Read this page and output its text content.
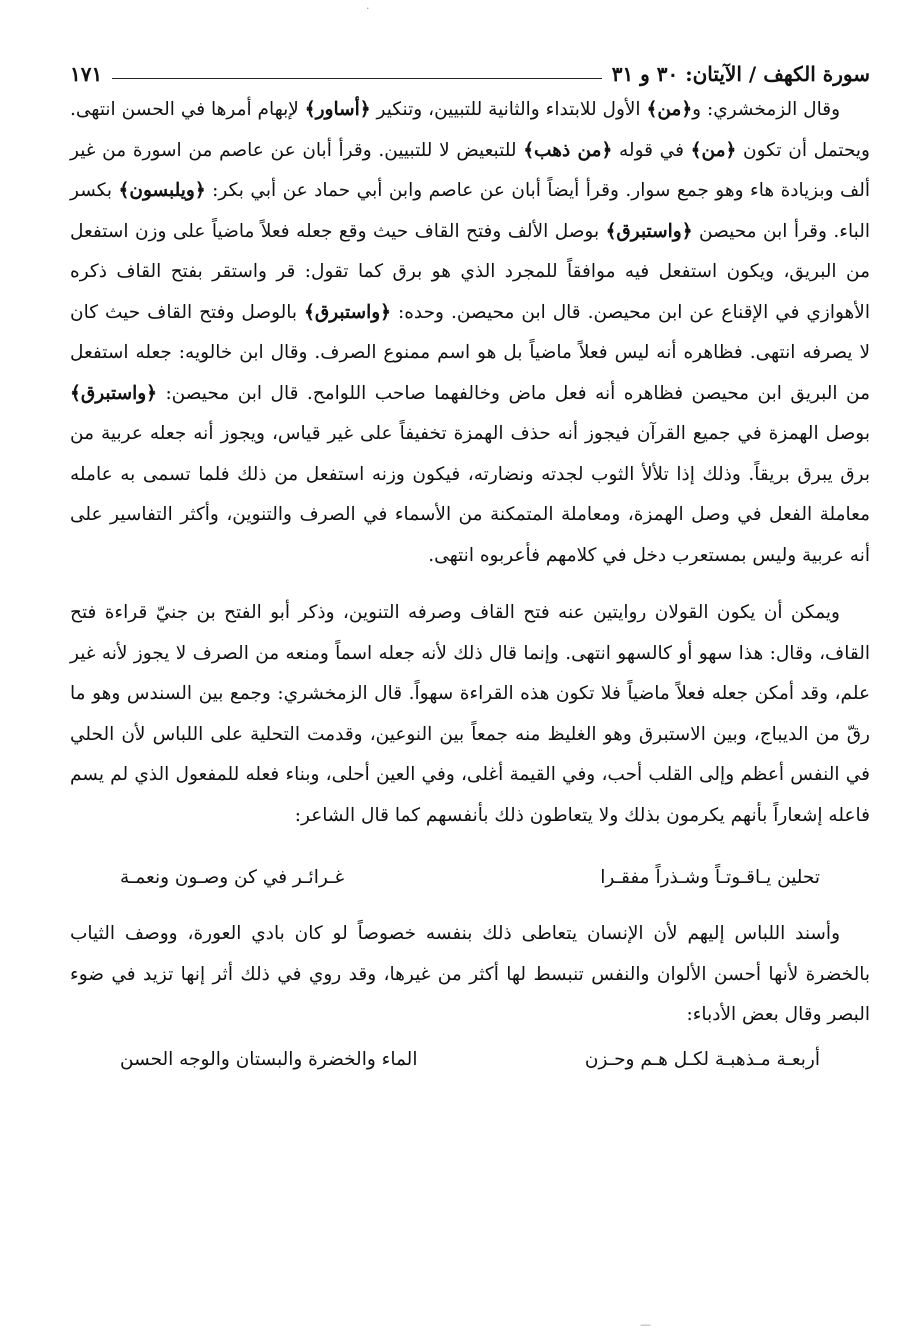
·
سورة الكهف / الآيتان: ٣٠ و ٣١
١٧١

وقال الزمخشري: و﴿من﴾ الأول للابتداء والثانية للتبيين، وتنكير ﴿أساور﴾ لإبهام أمرها في الحسن انتهى. ويحتمل أن تكون ﴿من﴾ في قوله ﴿من ذهب﴾ للتبعيض لا للتبيين. وقرأ أبان عن عاصم من اسورة من غير ألف وبزيادة هاء وهو جمع سوار. وقرأ أيضاً أبان عن عاصم وابن أبي حماد عن أبي بكر: ﴿ويلبسون﴾ بكسر الباء. وقرأ ابن محيصن ﴿واستبرق﴾ بوصل الألف وفتح القاف حيث وقع جعله فعلاً ماضياً على وزن استفعل من البريق، ويكون استفعل فيه موافقاً للمجرد الذي هو برق كما تقول: قر واستقر بفتح القاف ذكره الأهوازي في الإقناع عن ابن محيصن. قال ابن محيصن. وحده: ﴿واستبرق﴾ بالوصل وفتح القاف حيث كان لا يصرفه انتهى. فظاهره أنه ليس فعلاً ماضياً بل هو اسم ممنوع الصرف. وقال ابن خالويه: جعله استفعل من البريق ابن محيصن فظاهره أنه فعل ماض وخالفهما صاحب اللوامح. قال ابن محيصن: ﴿واستبرق﴾ بوصل الهمزة في جميع القرآن فيجوز أنه حذف الهمزة تخفيفاً على غير قياس، ويجوز أنه جعله عربية من برق يبرق بريقاً. وذلك إذا تلألأ الثوب لجدته ونضارته، فيكون وزنه استفعل من ذلك فلما تسمى به عامله معاملة الفعل في وصل الهمزة، ومعاملة المتمكنة من الأسماء في الصرف والتنوين، وأكثر التفاسير على أنه عربية وليس بمستعرب دخل في كلامهم فأعربوه انتهى.

ويمكن أن يكون القولان روايتين عنه فتح القاف وصرفه التنوين، وذكر أبو الفتح بن جنيّ قراءة فتح القاف، وقال: هذا سهو أو كالسهو انتهى. وإنما قال ذلك لأنه جعله اسماً ومنعه من الصرف لا يجوز لأنه غير علم، وقد أمكن جعله فعلاً ماضياً فلا تكون هذه القراءة سهواً. قال الزمخشري: وجمع بين السندس وهو ما رقّ من الديباج، وبين الاستبرق وهو الغليظ منه جمعاً بين النوعين، وقدمت التحلية على اللباس لأن الحلي في النفس أعظم وإلى القلب أحب، وفي القيمة أغلى، وفي العين أحلى، وبناء فعله للمفعول الذي لم يسم فاعله إشعاراً بأنهم يكرمون بذلك ولا يتعاطون ذلك بأنفسهم كما قال الشاعر:

تحلين يـاقـوتـاً وشـذراً مفقـرا
غـرائـر في كن وصـون ونعمـة

وأسند اللباس إليهم لأن الإنسان يتعاطى ذلك بنفسه خصوصاً لو كان بادي العورة، ووصف الثياب بالخضرة لأنها أحسن الألوان والنفس تنبسط لها أكثر من غيرها، وقد روي في ذلك أثر إنها تزيد في ضوء البصر وقال بعض الأدباء:

أربعـة مـذهبـة لكـل هـم وحـزن
الماء والخضرة والبستان والوجه الحسن
—
